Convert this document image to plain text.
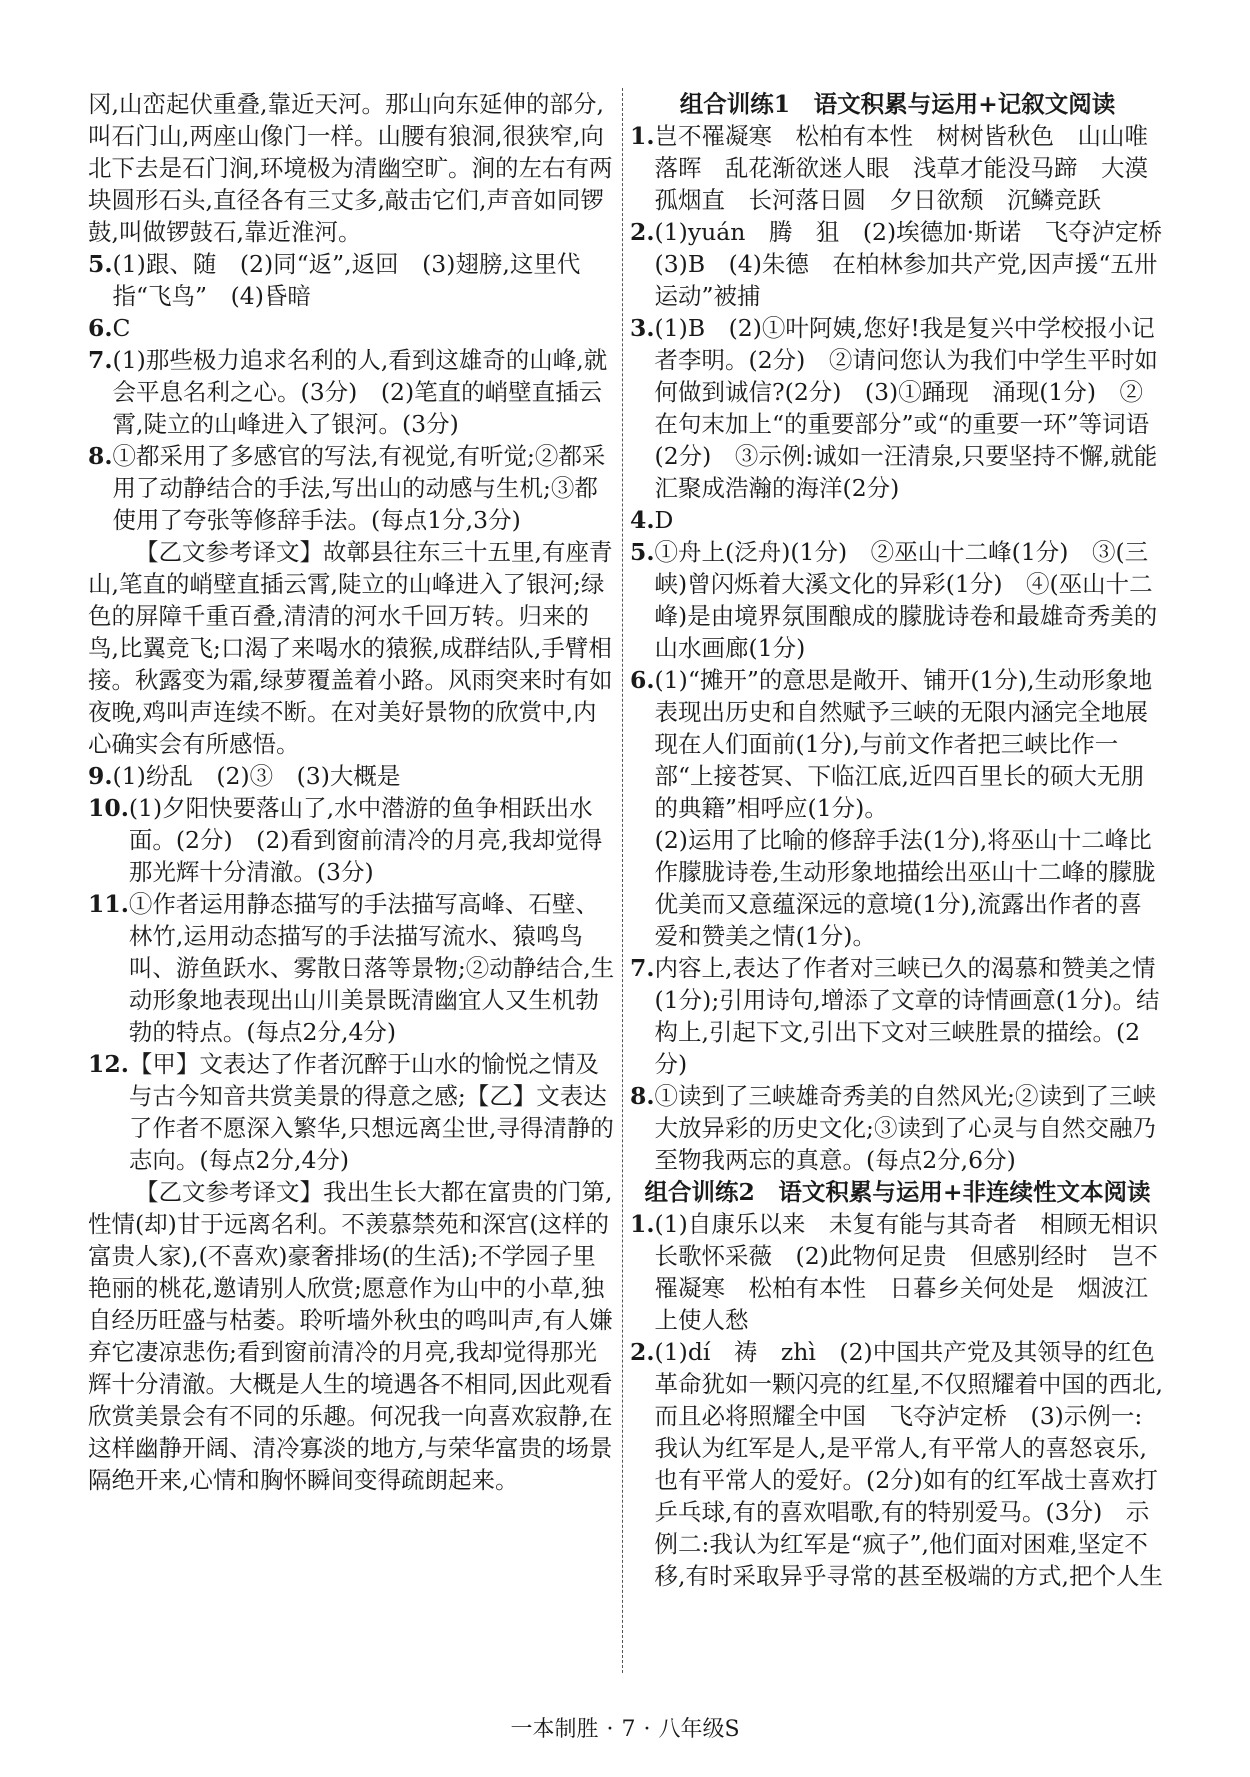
冈,山峦起伏重叠,靠近天河。那山向东延伸的部分,叫石门山,两座山像门一样。山腰有狼洞,很狭窄,向北下去是石门涧,环境极为清幽空旷。涧的左右有两块圆形石头,直径各有三丈多,敲击它们,声音如同锣鼓,叫做锣鼓石,靠近淮河。
5. (1)跟、随　(2)同“返”,返回　(3)翅膀,这里代指“飞鸟”　(4)昏暗
6. C
7. (1)那些极力追求名利的人,看到这雄奇的山峰,就会平息名利之心。(3分)　(2)笔直的峭壁直插云霄,陡立的山峰进入了银河。(3分)
8. ①都采用了多感官的写法,有视觉,有听觉;②都采用了动静结合的手法,写出山的动感与生机;③都使用了夸张等修辞手法。(每点1分,3分)
【乙文参考译文】故鄣县往东三十五里,有座青山,笔直的峭壁直插云霄,陡立的山峰进入了银河;绿色的屏障千重百叠,清清的河水千回万转。归来的鸟,比翼竞飞;口渴了来喝水的猿猴,成群结队,手臂相接。秋露变为霜,绿萝覆盖着小路。风雨突来时有如夜晚,鸡叫声连续不断。在对美好景物的欣赏中,内心确实会有所感悟。
9. (1)纷乱　(2)③　(3)大概是
10. (1)夕阳快要落山了,水中潜游的鱼争相跃出水面。(2分)　(2)看到窗前清冷的月亮,我却觉得那光辉十分清澈。(3分)
11. ①作者运用静态描写的手法描写高峰、石壁、林竹,运用动态描写的手法描写流水、猿鸣鸟叫、游鱼跃水、雾散日落等景物;②动静结合,生动形象地表现出山川美景既清幽宜人又生机勃勃的特点。(每点2分,4分)
12. 【甲】文表达了作者沉醉于山水的愉悦之情及与古今知音共赏美景的得意之感;【乙】文表达了作者不愿深入繁华,只想远离尘世,寻得清静的志向。(每点2分,4分)
【乙文参考译文】我出生长大都在富贵的门第,性情(却)甘于远离名利。不羡慕禁苑和深宫(这样的富贵人家),(不喜欢)豪奢排场(的生活);不学园子里艳丽的桃花,邀请别人欣赏;愿意作为山中的小草,独自经历旺盛与枯萎。聆听墙外秋虫的鸣叫声,有人嫌弃它凄凉悲伤;看到窗前清冷的月亮,我却觉得那光辉十分清澈。大概是人生的境遇各不相同,因此观看欣赏美景会有不同的乐趣。何况我一向喜欢寂静,在这样幽静开阔、清冷寡淡的地方,与荣华富贵的场景隔绝开来,心情和胸怀瞬间变得疏朗起来。
组合训练1　语文积累与运用+记叙文阅读
1. 岂不罹凝寒　松柏有本性　树树皆秋色　山山唯落晖　乱花渐欲迷人眼　浅草才能没马蹄　大漠孤烟直　长河落日圆　夕日欲颓　沉鳞竞跃
2. (1)yuán　腾　狙　(2)埃德加·斯诺　飞夺泸定桥　(3)B　(4)朱德　在柏林参加共产党,因声援“五卅运动”被捕
3. (1)B　(2)①叶阿姨,您好!我是复兴中学校报小记者李明。(2分)　②请问您认为我们中学生平时如何做到诚信?(2分)　(3)①踊现　涌现(1分)　②在句末加上“的重要部分”或“的重要一环”等词语(2分)　③示例:诚如一汪清泉,只要坚持不懈,就能汇聚成浩瀚的海洋(2分)
4. D
5. ①舟上(泛舟)(1分)　②巫山十二峰(1分)　③(三峡)曾闪烁着大溪文化的异彩(1分)　④(巫山十二峰)是由境界氛围酿成的朦胧诗卷和最雄奇秀美的山水画廊(1分)
6. (1)“摊开”的意思是敞开、铺开(1分),生动形象地表现出历史和自然赋予三峡的无限内涵完全地展现在人们面前(1分),与前文作者把三峡比作一部“上接苍冥、下临江底,近四百里长的硕大无朋的典籍”相呼应(1分)。
(2)运用了比喻的修辞手法(1分),将巫山十二峰比作朦胧诗卷,生动形象地描绘出巫山十二峰的朦胧优美而又意蕴深远的意境(1分),流露出作者的喜爱和赞美之情(1分)。
7. 内容上,表达了作者对三峡已久的渴慕和赞美之情(1分);引用诗句,增添了文章的诗情画意(1分)。结构上,引起下文,引出下文对三峡胜景的描绘。(2分)
8. ①读到了三峡雄奇秀美的自然风光;②读到了三峡大放异彩的历史文化;③读到了心灵与自然交融乃至物我两忘的真意。(每点2分,6分)
组合训练2　语文积累与运用+非连续性文本阅读
1. (1)自康乐以来　未复有能与其奇者　相顾无相识　长歌怀采薇　(2)此物何足贵　但感别经时　岂不罹凝寒　松柏有本性　日暮乡关何处是　烟波江上使人愁
2. (1)dí　祷　zhì　(2)中国共产党及其领导的红色革命犹如一颗闪亮的红星,不仅照耀着中国的西北,而且必将照耀全中国　飞夺泸定桥　(3)示例一:我认为红军是人,是平常人,有平常人的喜怒哀乐,也有平常人的爱好。(2分)如有的红军战士喜欢打乒乓球,有的喜欢唱歌,有的特别爱马。(3分)　示例二:我认为红军是“疯子”,他们面对困难,坚定不移,有时采取异乎寻常的甚至极端的方式,把个人生
一本制胜 · 7 · 八年级S
